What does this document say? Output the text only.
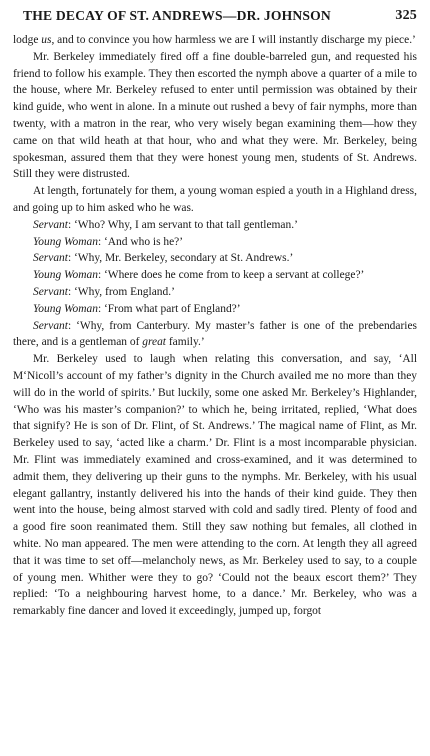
THE DECAY OF ST. ANDREWS—DR. JOHNSON	325

lodge us, and to convince you how harmless we are I will instantly discharge my piece.’

Mr. Berkeley immediately fired off a fine double-barreled gun, and requested his friend to follow his example. They then escorted the nymph above a quarter of a mile to the house, where Mr. Berkeley refused to enter until permission was obtained by their kind guide, who went in alone. In a minute out rushed a bevy of fair nymphs, more than twenty, with a matron in the rear, who very wisely began examining them—how they came on that wild heath at that hour, who and what they were. Mr. Berkeley, being spokesman, assured them that they were honest young men, students of St. Andrews. Still they were distrusted.

At length, fortunately for them, a young woman espied a youth in a Highland dress, and going up to him asked who he was.

Servant: ‘Who? Why, I am servant to that tall gentleman.’

Young Woman: ‘And who is he?’

Servant: ‘Why, Mr. Berkeley, secondary at St. Andrews.’

Young Woman: ‘Where does he come from to keep a servant at college?’

Servant: ‘Why, from England.’

Young Woman: ‘From what part of England?’

Servant: ‘Why, from Canterbury. My master’s father is one of the prebendaries there, and is a gentleman of great family.’

Mr. Berkeley used to laugh when relating this conversation, and say, ‘All M‘Nicoll’s account of my father’s dignity in the Church availed me no more than they will do in the world of spirits.’ But luckily, some one asked Mr. Berkeley’s Highlander, ‘Who was his master’s companion?’ to which he, being irritated, replied, ‘What does that signify? He is son of Dr. Flint, of St. Andrews.’ The magical name of Flint, as Mr. Berkeley used to say, ‘acted like a charm.’ Dr. Flint is a most incomparable physician. Mr. Flint was immediately examined and cross-examined, and it was determined to admit them, they delivering up their guns to the nymphs. Mr. Berkeley, with his usual elegant gallantry, instantly delivered his into the hands of their kind guide. They then went into the house, being almost starved with cold and sadly tired. Plenty of food and a good fire soon reanimated them. Still they saw nothing but females, all clothed in white. No man appeared. The men were attending to the corn. At length they all agreed that it was time to set off—melancholy news, as Mr. Berkeley used to say, to a couple of young men. Whither were they to go? ‘Could not the beaux escort them?’ They replied: ‘To a neighbouring harvest home, to a dance.’ Mr. Berkeley, who was a remarkably fine dancer and loved it exceedingly, jumped up, forgot
